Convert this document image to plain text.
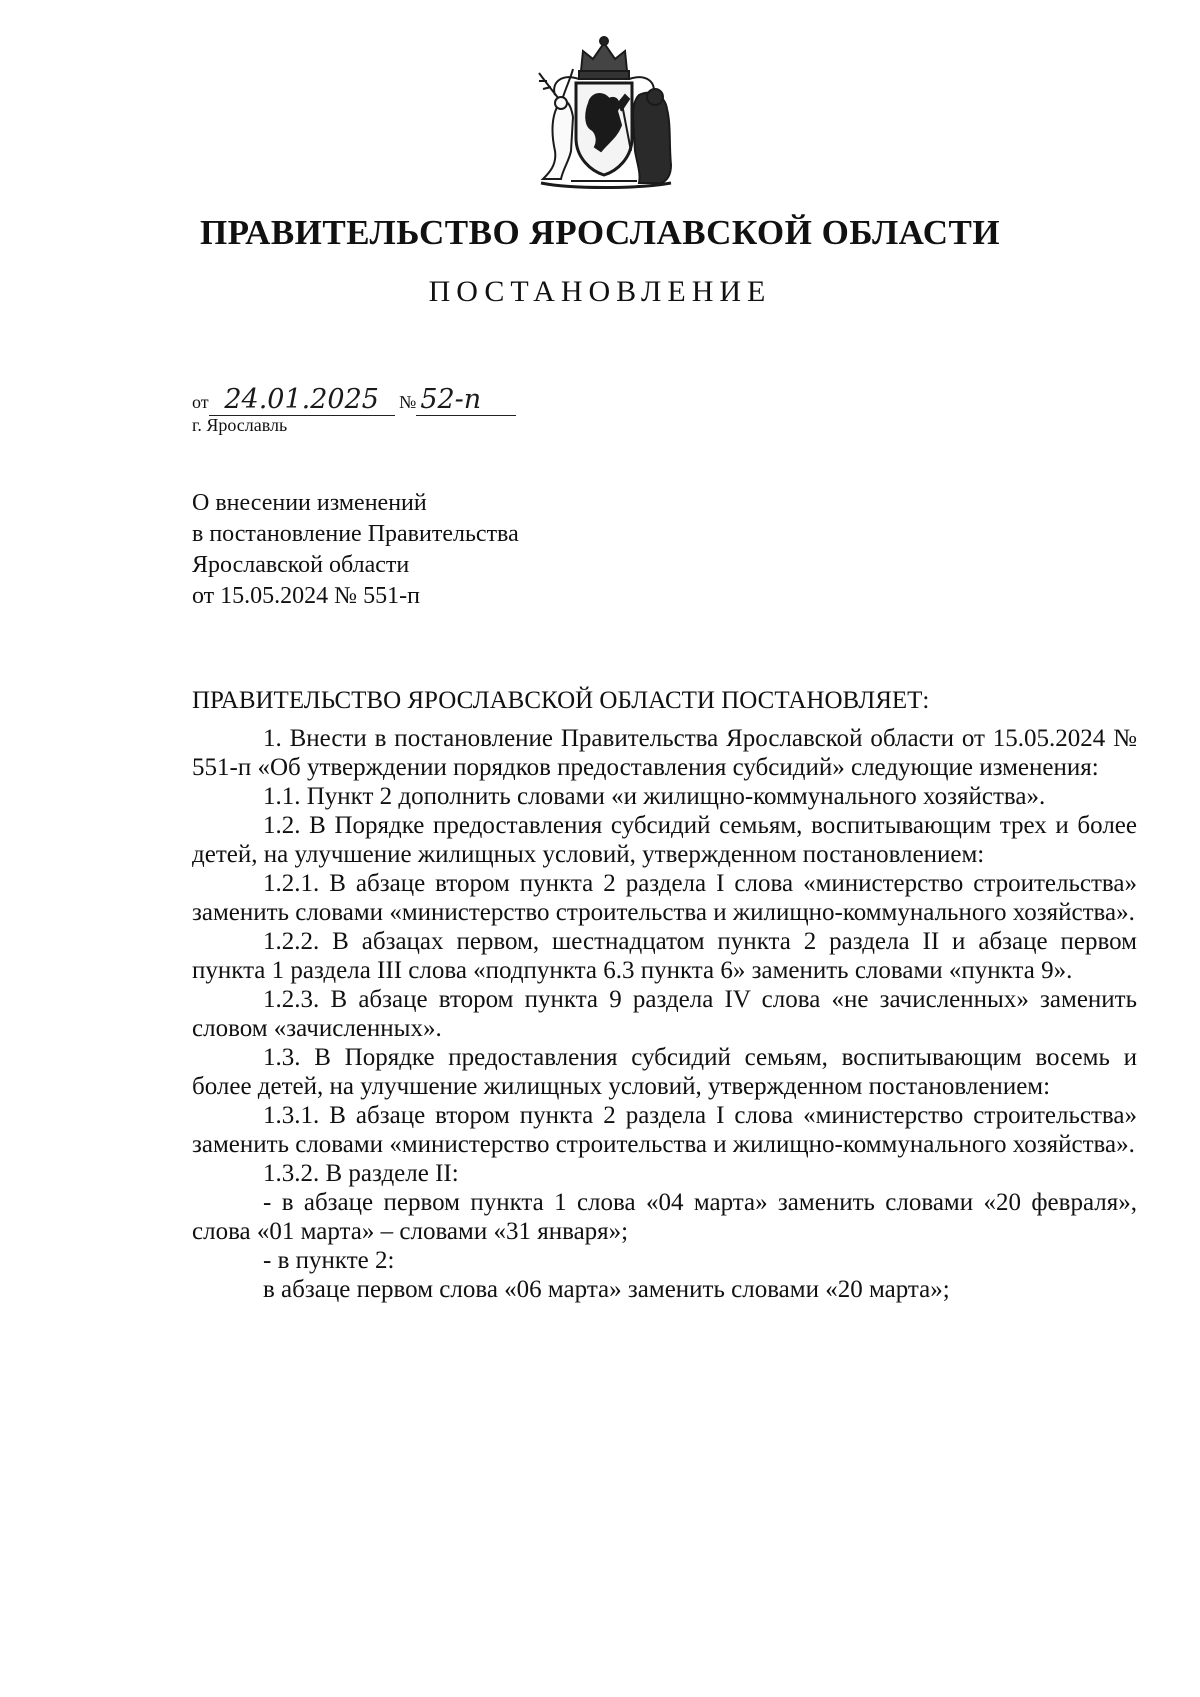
ПРАВИТЕЛЬСТВО ЯРОСЛАВСКОЙ ОБЛАСТИ
ПОСТАНОВЛЕНИЕ
от 24.01.2025 № 52-п
г. Ярославль
О внесении изменений
в постановление Правительства
Ярославской области
от 15.05.2024 № 551-п
ПРАВИТЕЛЬСТВО ЯРОСЛАВСКОЙ ОБЛАСТИ ПОСТАНОВЛЯЕТ:

1. Внести в постановление Правительства Ярославской области от 15.05.2024 № 551-п «Об утверждении порядков предоставления субсидий» следующие изменения:

1.1. Пункт 2 дополнить словами «и жилищно-коммунального хозяйства».

1.2. В Порядке предоставления субсидий семьям, воспитывающим трех и более детей, на улучшение жилищных условий, утвержденном постановлением:

1.2.1. В абзаце втором пункта 2 раздела I слова «министерство строительства» заменить словами «министерство строительства и жилищно-коммунального хозяйства».

1.2.2. В абзацах первом, шестнадцатом пункта 2 раздела II и абзаце первом пункта 1 раздела III слова «подпункта 6.3 пункта 6» заменить словами «пункта 9».

1.2.3. В абзаце втором пункта 9 раздела IV слова «не зачисленных» заменить словом «зачисленных».

1.3. В Порядке предоставления субсидий семьям, воспитывающим восемь и более детей, на улучшение жилищных условий, утвержденном постановлением:

1.3.1. В абзаце втором пункта 2 раздела I слова «министерство строительства» заменить словами «министерство строительства и жилищно-коммунального хозяйства».

1.3.2. В разделе II:

- в абзаце первом пункта 1 слова «04 марта» заменить словами «20 февраля», слова «01 марта» – словами «31 января»;

- в пункте 2:

в абзаце первом слова «06 марта» заменить словами «20 марта»;
